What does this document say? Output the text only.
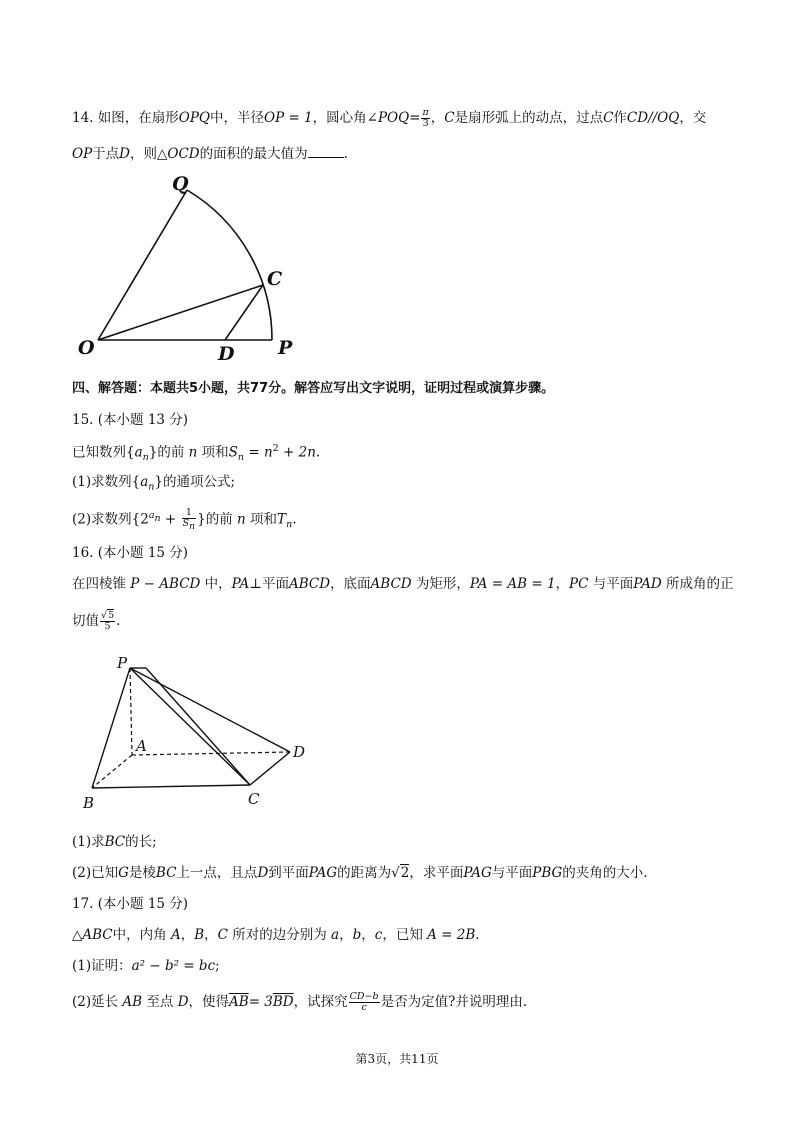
14. 如图，在扇形OPQ中，半径OP = 1，圆心角∠POQ= $\frac{\pi}{3}$ ，C是扇形弧上的动点，过点C作CD//OQ，交
OP于点D，则△OCD的面积的最大值为	.
O	P
Q
C
D
四、解答题：本题共5小题，共77分。解答应写出文字说明，证明过程或演算步骤。
15. (本小题 13 分)
已知数列$\{a_n\}$的前 n 项和$S_n = n^2 + 2n$.
(1)求数列$\{a_n\}$的通项公式;
(2)求数列{$2^{a_n} + \frac{1}{S_n}$ }的前 n 项和$T_n$.
16. (本小题 15 分)
在四棱锥 P − ABCD 中，PA⊥平面ABCD，底面ABCD 为矩形，PA = AB = 1，PC 与平面PAD 所成角的正
切值 $\frac{√5}{5}$ .
P
A
B	C
D
(1)求BC的长;
(2)已知G是棱BC上一点，且点D到平面PAG的距离为√2，求平面PAG与平面PBG的夹角的大小.
17. (本小题 15 分)
△ABC中，内角 A，B，C 所对的边分别为 a，b，c，已知 A = 2B.
(1)证明：a² − b² = bc;
(2)延长 AB 至点 D，使得$\overline{AB}= 3\overline{BD}$，试探究 $\frac{CD-b}{c}$ 是否为定值?并说明理由.
第3页，共11页
